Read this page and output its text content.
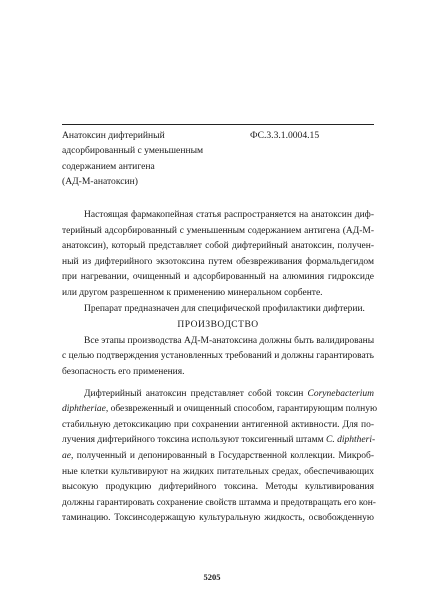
Анатоксин дифтерийный
адсорбированный с уменьшенным
содержанием антигена
(АД-М-анатоксин)
ФС.3.3.1.0004.15
Настоящая фармакопейная статья распространяется на анатоксин диф-
терийный адсорбированный с уменьшенным содержанием антигена (АД-М-
анатоксин), который представляет собой дифтерийный анатоксин, получен-
ный из дифтерийного экзотоксина путем обезвреживания формальдегидом
при нагревании, очищенный и адсорбированный на алюминия гидроксиде
или другом разрешенном к применению минеральном сорбенте.
Препарат предназначен для специфической профилактики дифтерии.
ПРОИЗВОДСТВО
Все этапы производства АД-М-анатоксина должны быть валидированы
с целью подтверждения установленных требований и должны гарантировать
безопасность его применения.
Дифтерийный анатоксин представляет собой токсин Corynebacterium
diphtheriae, обезвреженный и очищенный способом, гарантирующим полную
стабильную детоксикацию при сохранении антигенной активности. Для по-
лучения дифтерийного токсина используют токсигенный штамм C. diphtheri-
ae, полученный и депонированный в Государственной коллекции. Микроб-
ные клетки культивируют на жидких питательных средах, обеспечивающих
высокую продукцию дифтерийного токсина. Методы культивирования
должны гарантировать сохранение свойств штамма и предотвращать его кон-
таминацию. Токсинсодержащую культуральную жидкость, освобожденную
5205
